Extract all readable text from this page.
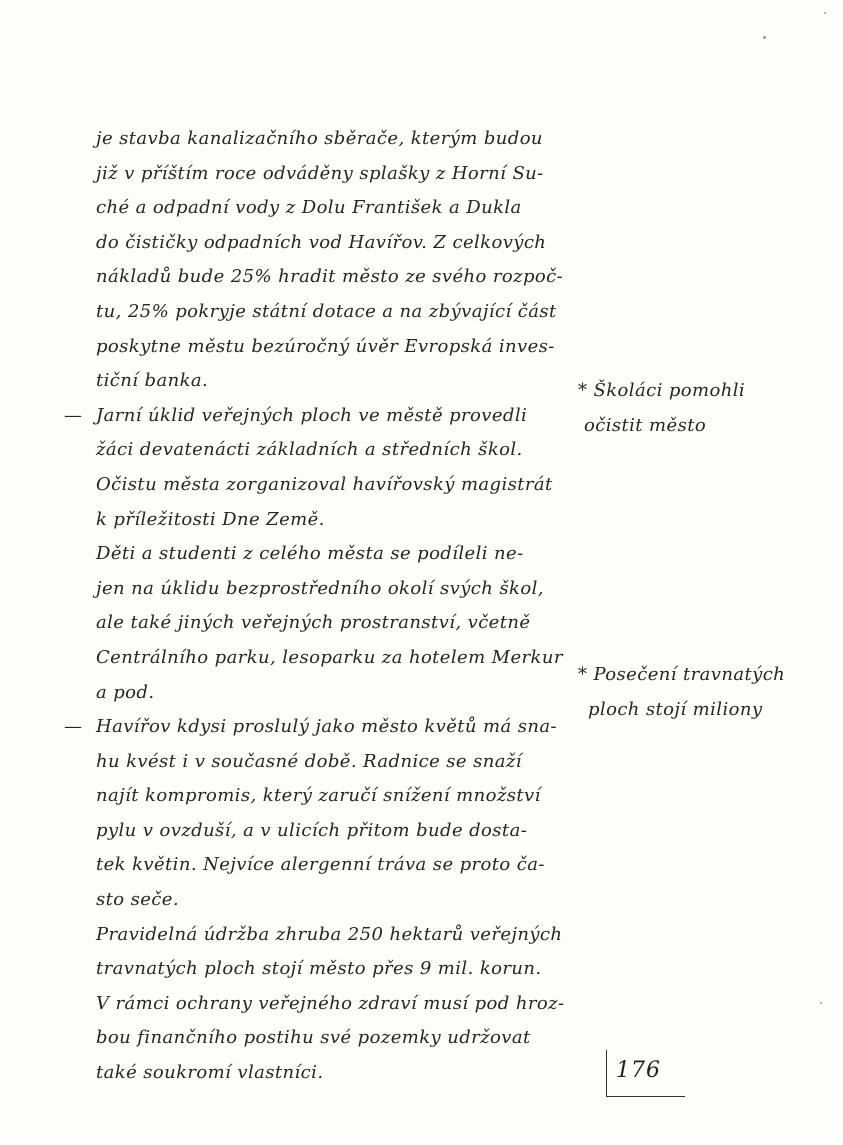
je stavba kanalizačního sběrače, kterým budou
již v příštím roce odváděny splašky z Horní Su-
ché a odpadní vody z Dolu František a Dukla
do čističky odpadních vod Havířov. Z celkových
nákladů bude 25% hradit město ze svého rozpoč-
tu, 25% pokryje státní dotace a na zbývající část
poskytne městu bezúročný úvěr Evropská inves-
tiční banka.
— Jarní úklid veřejných ploch ve městě provedli
žáci devatenácti základních a středních škol.
Očistu města zorganizoval havířovský magistrát
k příležitosti Dne Země.
Děti a studenti z celého města se podíleli ne-
jen na úklidu bezprostředního okolí svých škol,
ale také jiných veřejných prostranství, včetně
Centrálního parku, lesoparku za hotelem Merkur
a pod.
— Havířov kdysi proslulý jako město květů má sna-
hu kvést i v současné době. Radnice se snaží
najít kompromis, který zaručí snížení množství
pylu v ovzduší, a v ulicích přitom bude dosta-
tek květin. Nejvíce alergenní tráva se proto ča-
sto seče.
Pravidelná údržba zhruba 250 hektarů veřejných
travnatých ploch stojí město přes 9 mil. korun.
V rámci ochrany veřejného zdraví musí pod hroz-
bou finančního postihu své pozemky udržovat
také soukromí vlastníci.
* Školáci pomohli
očistit město
* Posečení travnatých
ploch stojí miliony
176
